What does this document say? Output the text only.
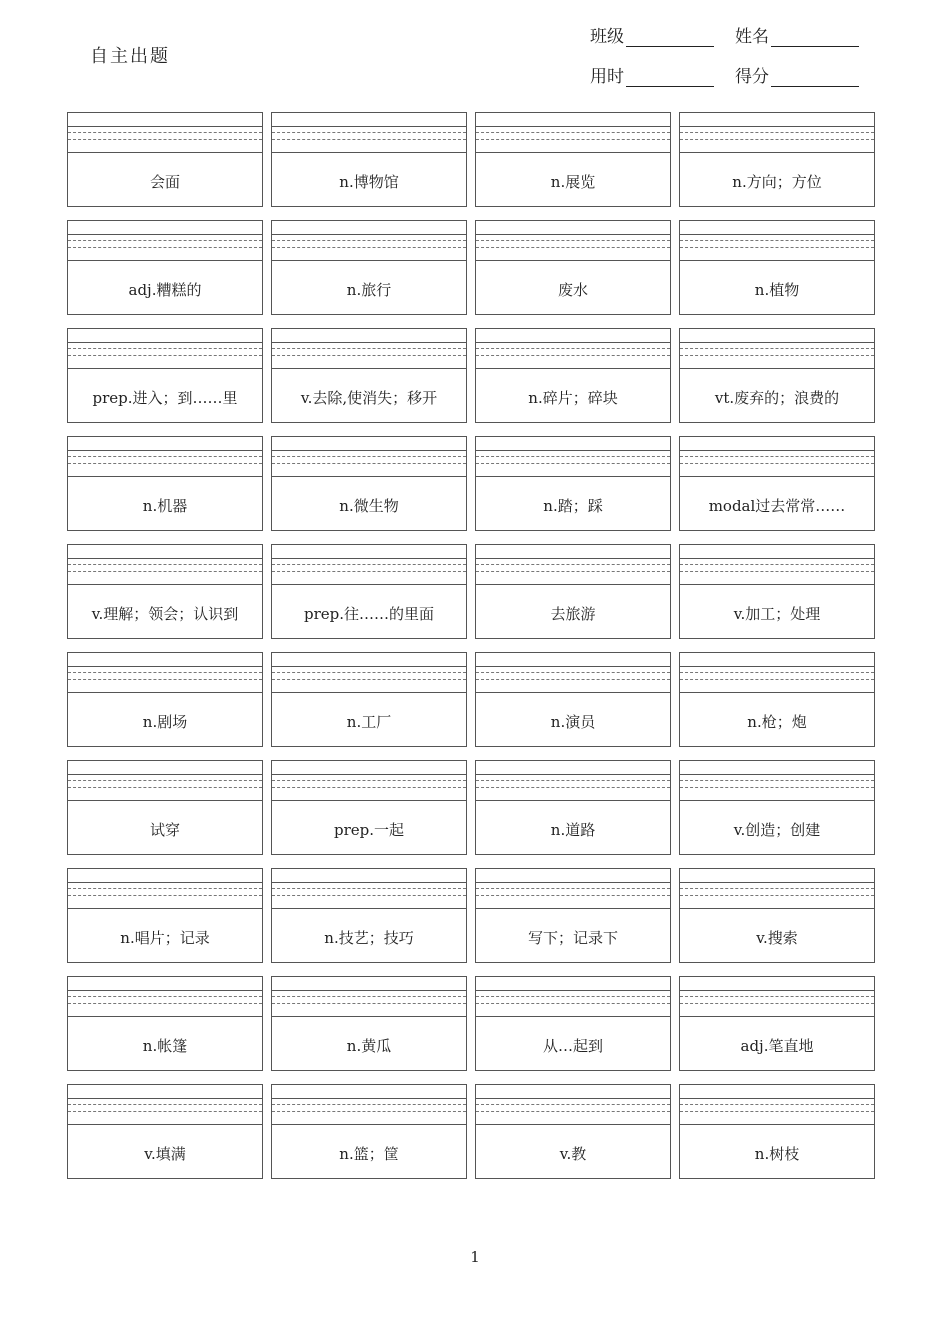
自主出题
班级	姓名
用时	得分
会面	n.博物馆	n.展览	n.方向；方位
adj.糟糕的	n.旅行	废水	n.植物
prep.进入；到……里	v.去除,使消失；移开	n.碎片；碎块	vt.废弃的；浪费的
n.机器	n.微生物	n.踏；踩	modal过去常常……
v.理解；领会；认识到	prep.往……的里面	去旅游	v.加工；处理
n.剧场	n.工厂	n.演员	n.枪；炮
试穿	prep.一起	n.道路	v.创造；创建
n.唱片；记录	n.技艺；技巧	写下；记录下	v.搜索
n.帐篷	n.黄瓜	从…起到	adj.笔直地
v.填满	n.篮；筐	v.教	n.树枝
1
